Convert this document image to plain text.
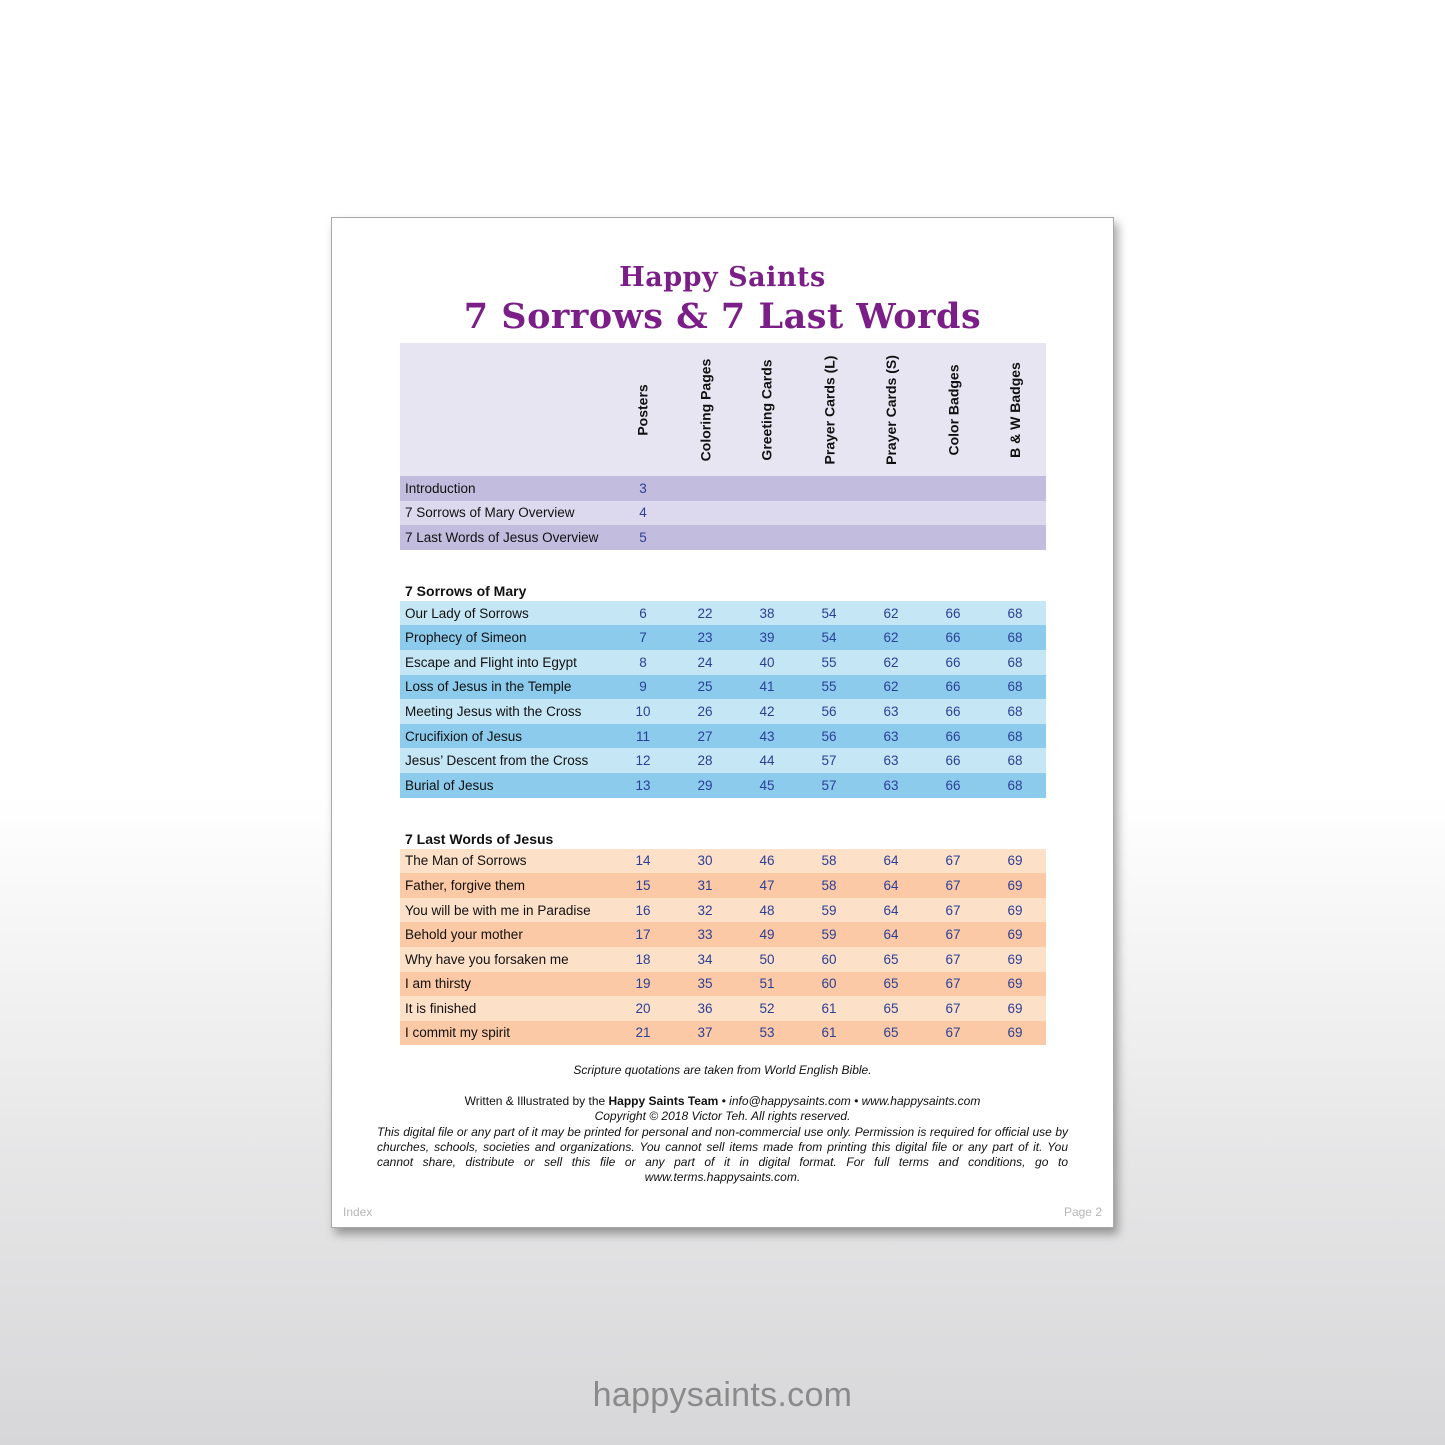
Happy Saints
7 Sorrows & 7 Last Words
Posters	Coloring Pages	Greeting Cards	Prayer Cards (L)	Prayer Cards (S)	Color Badges	B & W Badges
Introduction	3
7 Sorrows of Mary Overview	4
7 Last Words of Jesus Overview	5
7 Sorrows of Mary
Our Lady of Sorrows	6	22	38	54	62	66	68
Prophecy of Simeon	7	23	39	54	62	66	68
Escape and Flight into Egypt	8	24	40	55	62	66	68
Loss of Jesus in the Temple	9	25	41	55	62	66	68
Meeting Jesus with the Cross	10	26	42	56	63	66	68
Crucifixion of Jesus	11	27	43	56	63	66	68
Jesus’ Descent from the Cross	12	28	44	57	63	66	68
Burial of Jesus	13	29	45	57	63	66	68
7 Last Words of Jesus
The Man of Sorrows	14	30	46	58	64	67	69
Father, forgive them	15	31	47	58	64	67	69
You will be with me in Paradise	16	32	48	59	64	67	69
Behold your mother	17	33	49	59	64	67	69
Why have you forsaken me	18	34	50	60	65	67	69
I am thirsty	19	35	51	60	65	67	69
It is finished	20	36	52	61	65	67	69
I commit my spirit	21	37	53	61	65	67	69
Scripture quotations are taken from World English Bible.
Written & Illustrated by the Happy Saints Team • info@happysaints.com • www.happysaints.com
Copyright © 2018 Victor Teh. All rights reserved.
This digital file or any part of it may be printed for personal and non-commercial use only. Permission is required for official use by churches, schools, societies and organizations. You cannot sell items made from printing this digital file or any part of it. You cannot share, distribute or sell this file or any part of it in digital format. For full terms and conditions, go to www.terms.happysaints.com.
Index	Page 2
happysaints.com
